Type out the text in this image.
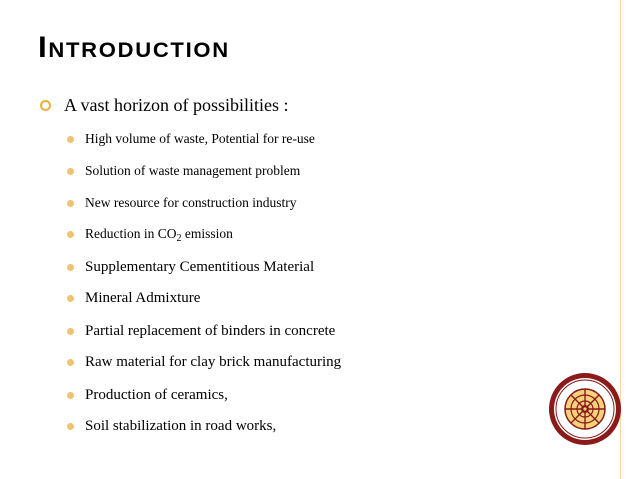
Introduction
A vast horizon of possibilities :
High volume of waste, Potential for re-use
Solution of waste management problem
New resource for construction industry
Reduction in $CO_2$ emission
Supplementary Cementitious Material
Mineral Admixture
Partial replacement of binders in concrete
Raw material for clay brick manufacturing
Production of ceramics,
Soil stabilization in road works,
